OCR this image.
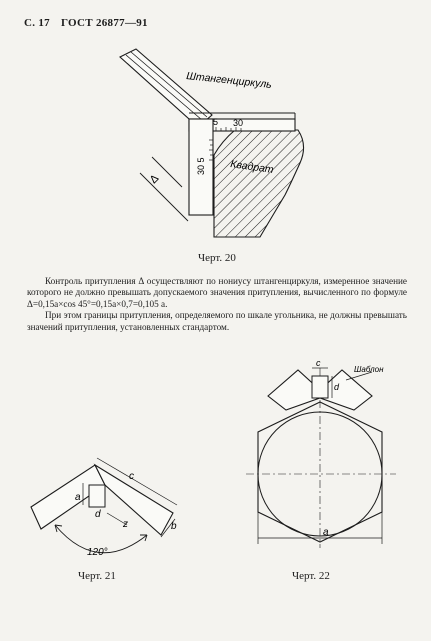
С. 17 ГОСТ 26877—91
Штангенциркуль
Квадрат
5 30
30 5
Δ
Черт. 20

Контроль притупления Δ осуществляют по нониусу штангенциркуля, измеренное значение которого не должно превышать допускаемого значения притупления, вычисленного по формуле Δ=0,15a×cos 45°=0,15a×0,7=0,105 a.

При этом границы притупления, определяемого по шкале угольника, не должны превышать значений притупления, установленных стандартом.

c
a
d
z	b
120°
Черт. 21
Шаблон
c
d
a
Черт. 22
